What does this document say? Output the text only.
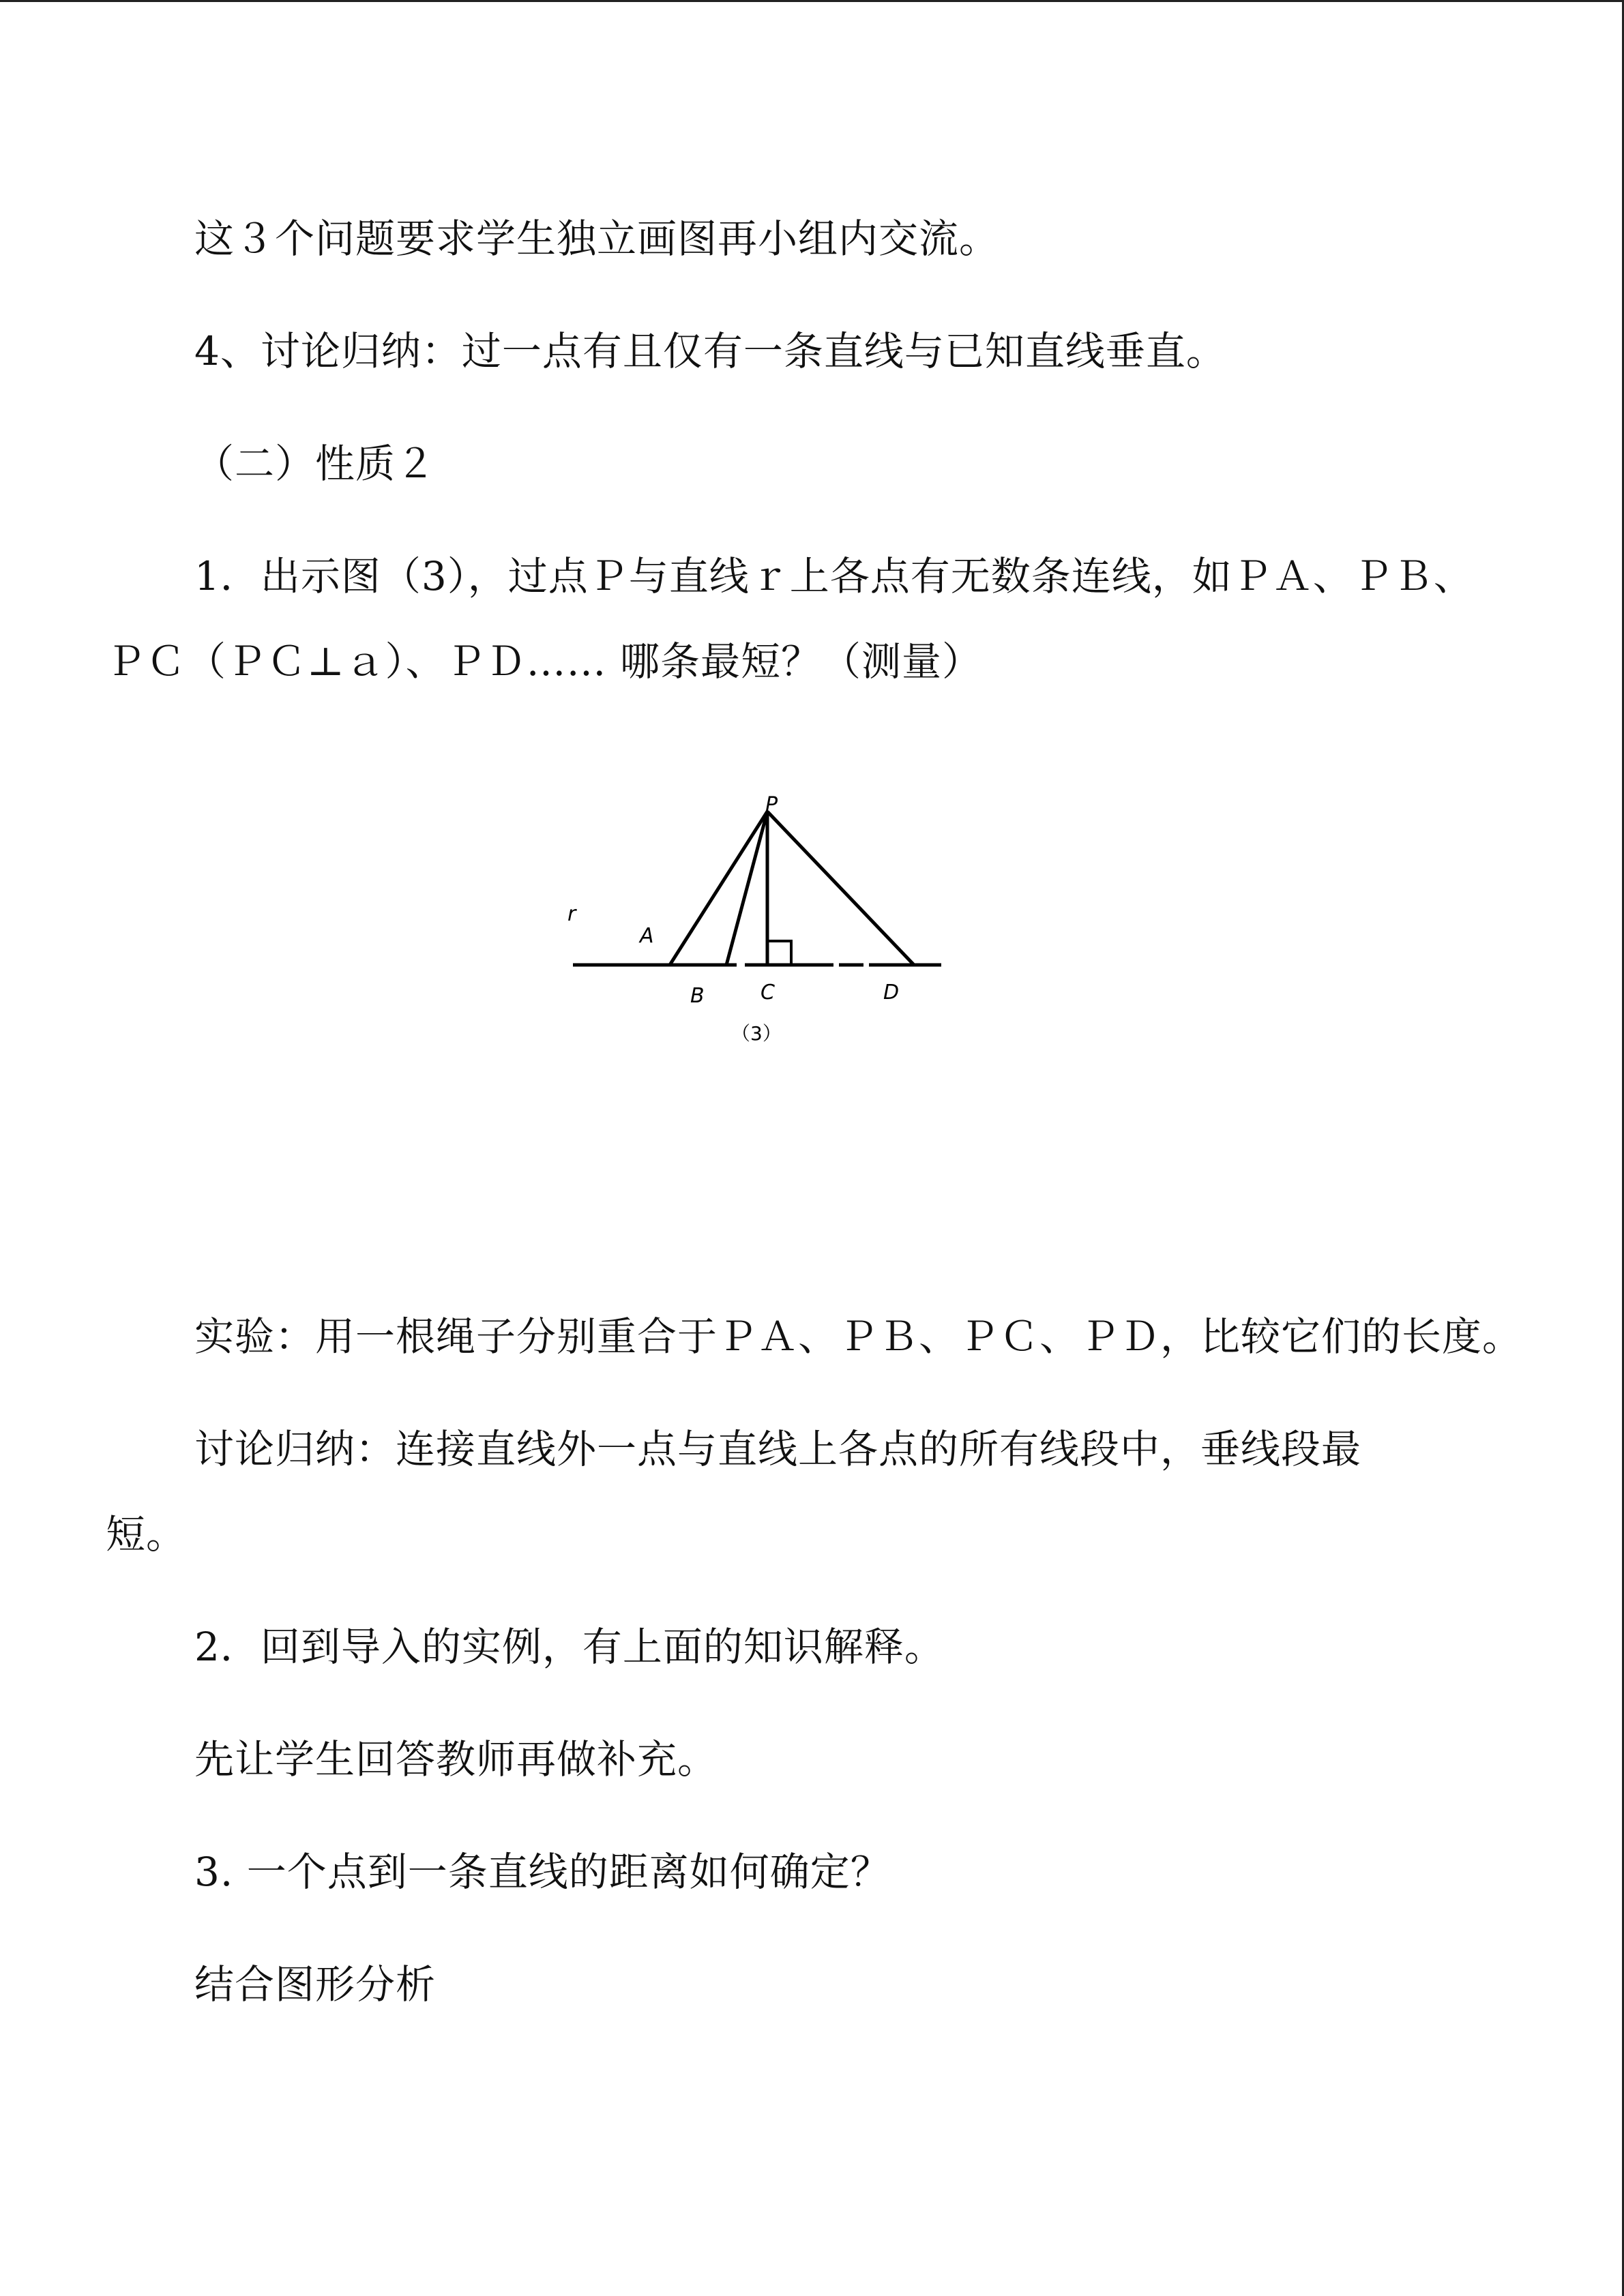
这３个问题要求学生独立画图再小组内交流。
4、讨论归纳：过一点有且仅有一条直线与已知直线垂直。
（二）性质２
1．出示图（3），过点Ｐ与直线ｒ上各点有无数条连线，如ＰＡ、ＰＢ、
ＰＣ（ＰＣ⊥ａ）、ＰＤ…… 哪条最短？（测量）
P
r
A
B	C	D
（3）
实验：用一根绳子分别重合于ＰＡ、ＰＢ、ＰＣ、ＰＤ，比较它们的长度。
讨论归纳：连接直线外一点与直线上各点的所有线段中，垂线段最
短。
2．回到导入的实例，有上面的知识解释。
先让学生回答教师再做补充。
3. 一个点到一条直线的距离如何确定？
结合图形分析
